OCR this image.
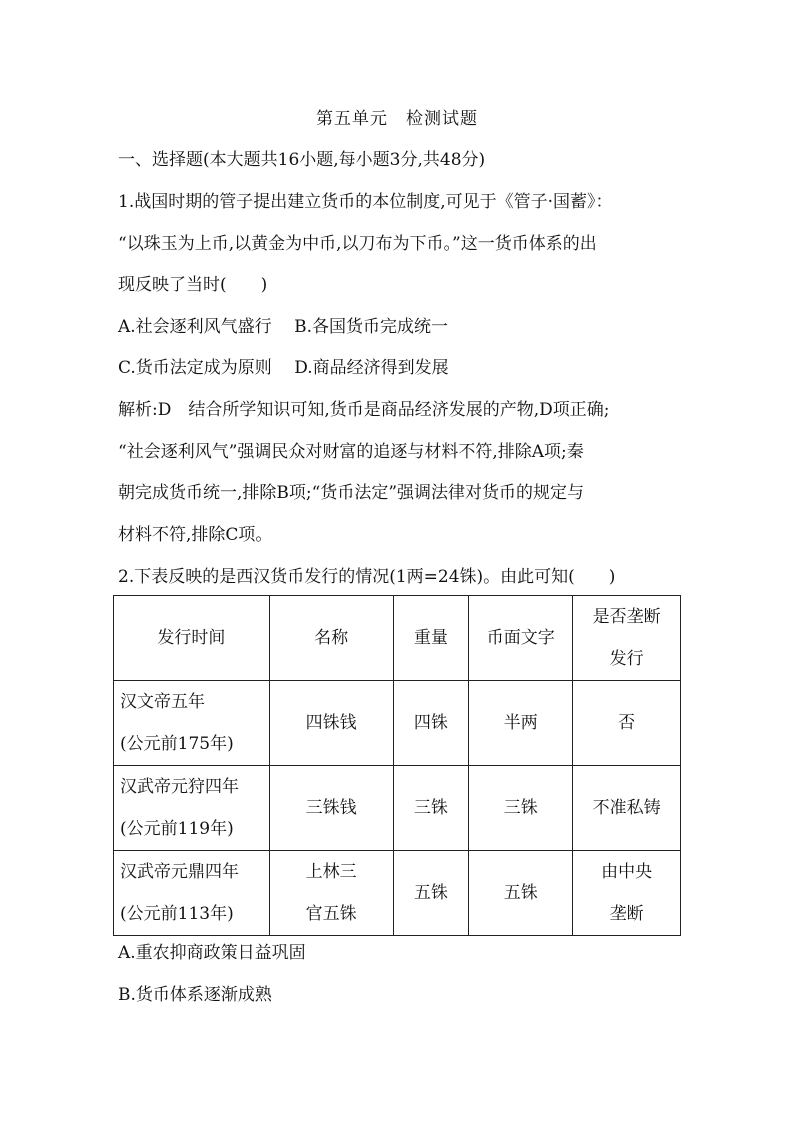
第五单元　检测试题
一、选择题(本大题共16小题,每小题3分,共48分)
1.战国时期的管子提出建立货币的本位制度,可见于《管子·国蓄》：
“以珠玉为上币,以黄金为中币,以刀布为下币。”这一货币体系的出
现反映了当时(　　)
A.社会逐利风气盛行　 B.各国货币完成统一
C.货币法定成为原则　 D.商品经济得到发展
解析:D　结合所学知识可知,货币是商品经济发展的产物,D项正确;
“社会逐利风气”强调民众对财富的追逐与材料不符,排除A项;秦
朝完成货币统一,排除B项;“货币法定”强调法律对货币的规定与
材料不符,排除C项。
2.下表反映的是西汉货币发行的情况(1两=24铢)。由此可知(　　)
发行时间	名称	重量	币面文字	是否垄断
发行

汉文帝五年
(公元前175年)	四铢钱	四铢	半两	否

汉武帝元狩四年
(公元前119年)	三铢钱	三铢	三铢	不准私铸

汉武帝元鼎四年
(公元前113年)	上林三
官五铢	五铢	五铢	由中央
垄断
A.重农抑商政策日益巩固
B.货币体系逐渐成熟
